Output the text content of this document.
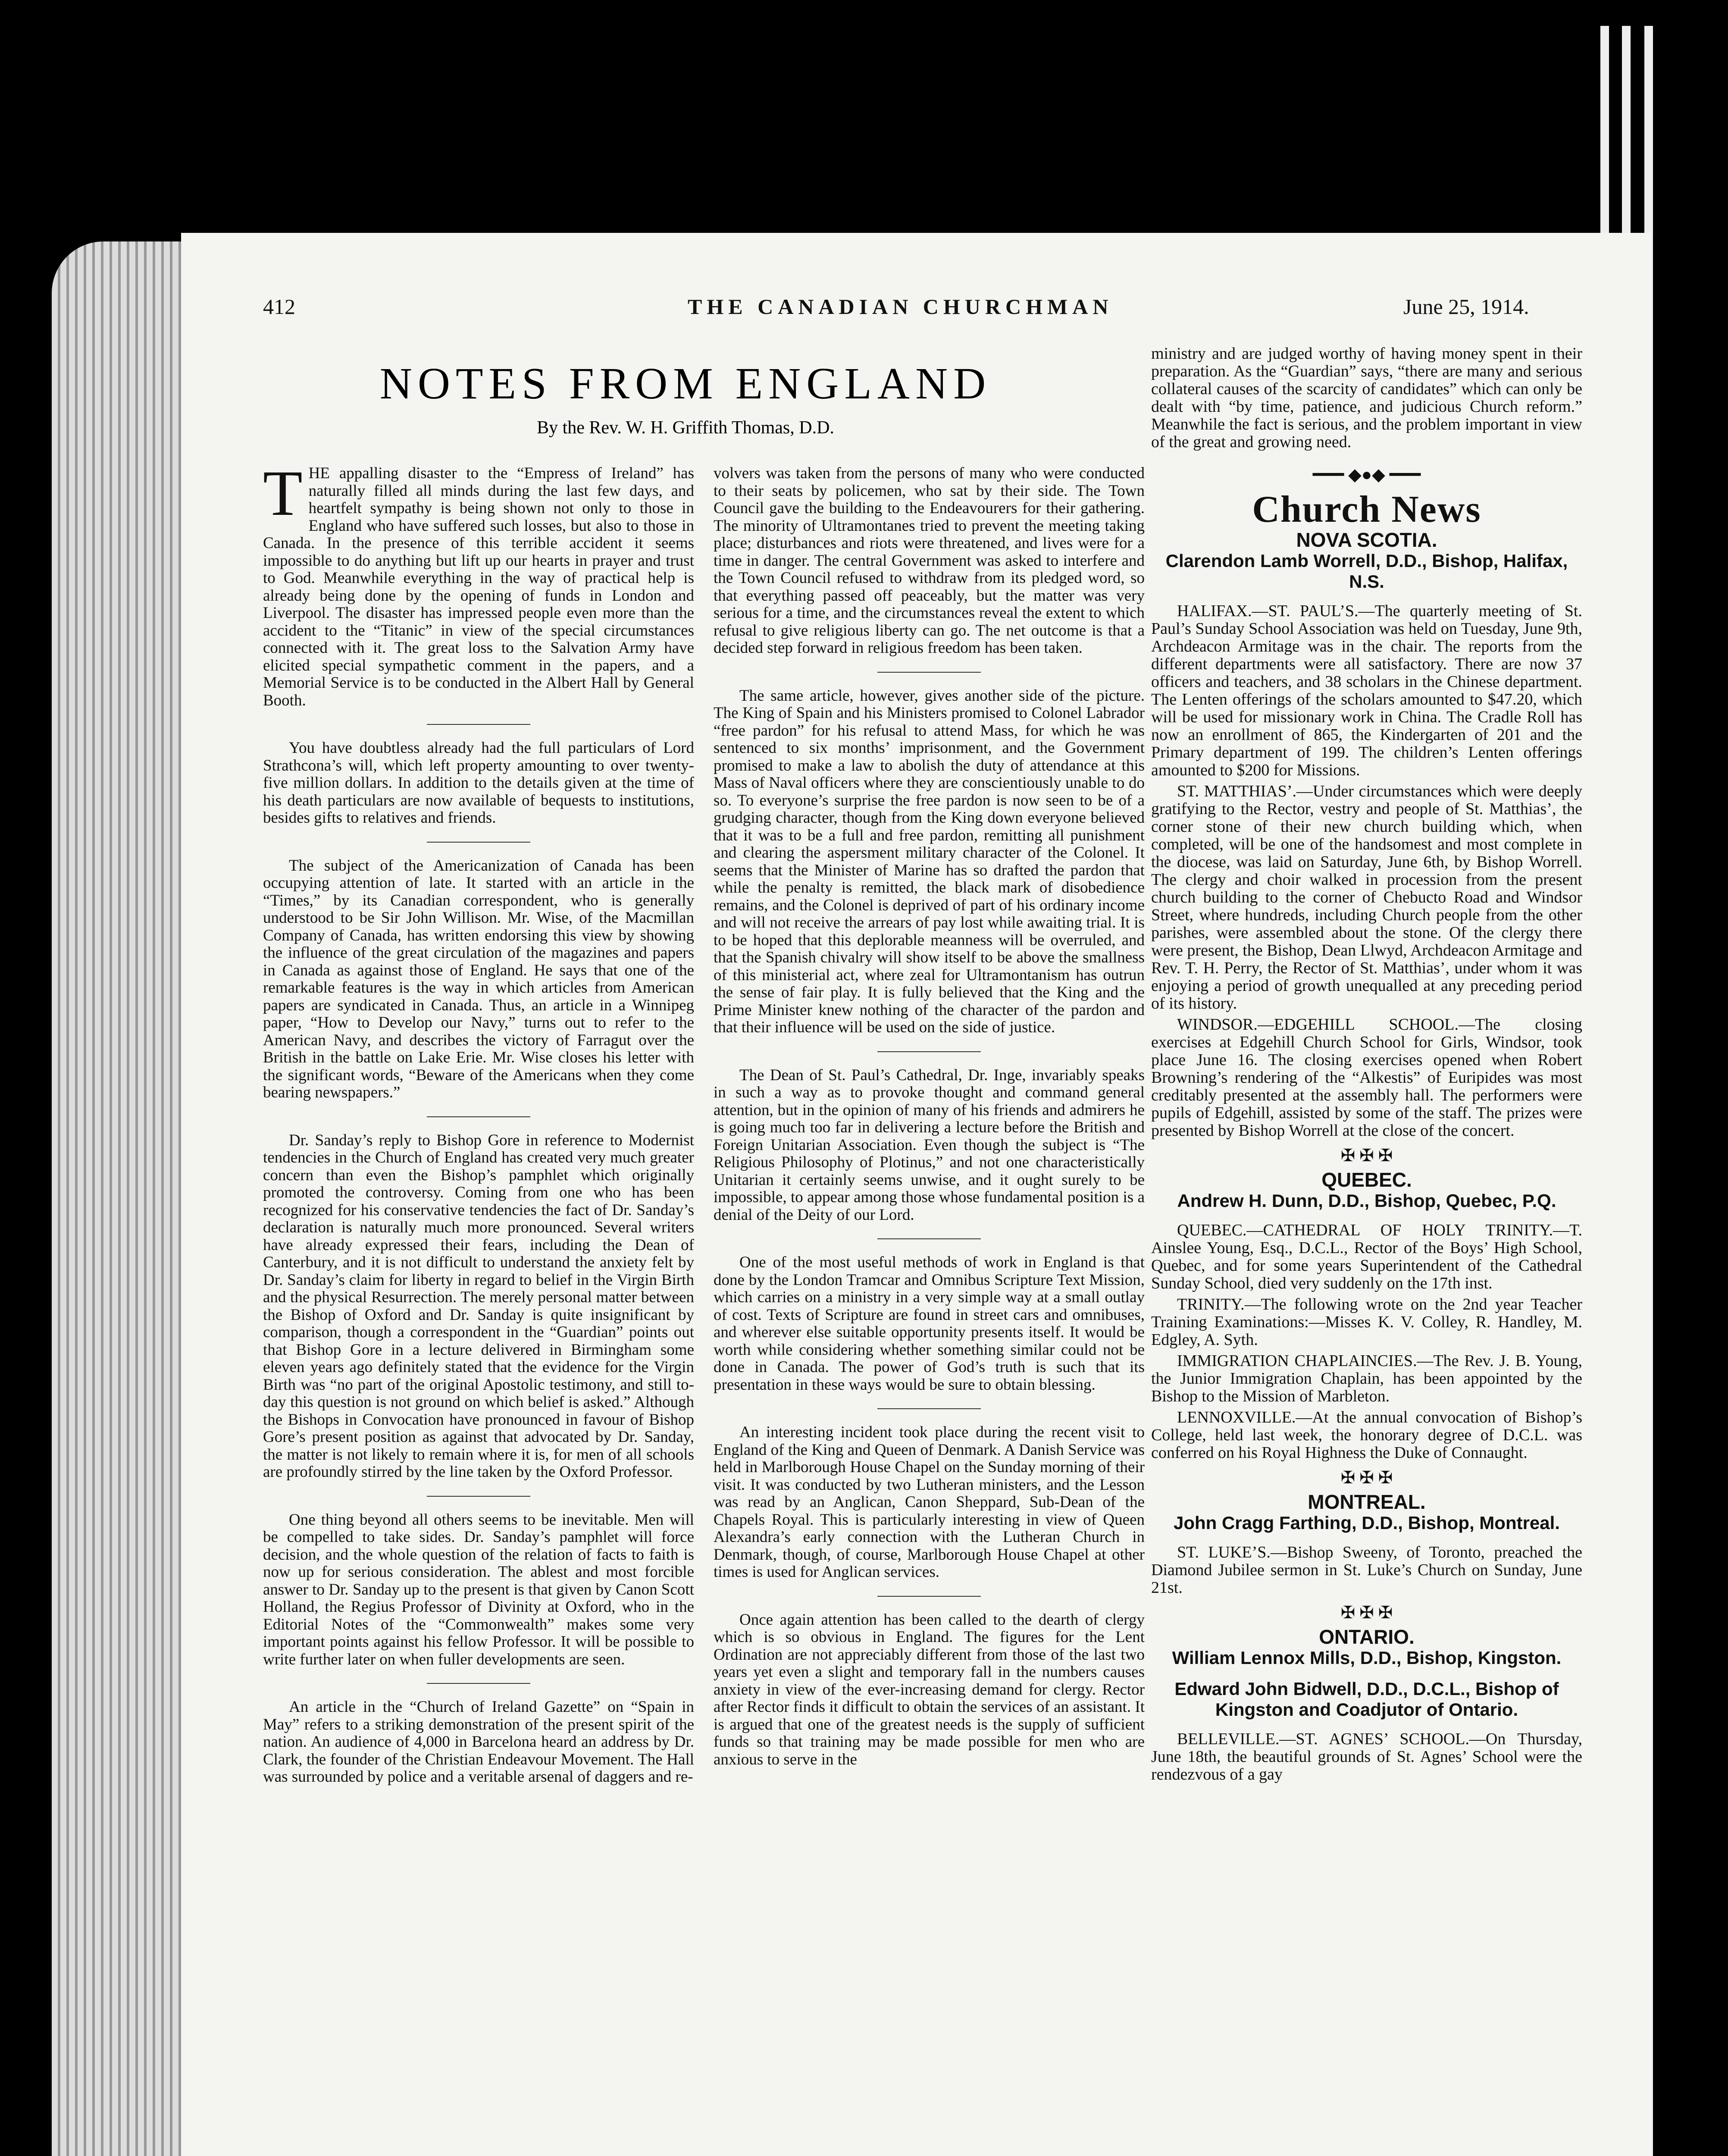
412	THE CANADIAN CHURCHMAN	June 25, 1914.
NOTES FROM ENGLAND
By the Rev. W. H. Griffith Thomas, D.D.

THE appalling disaster to the “Empress of Ireland” has naturally filled all minds during the last few days, and heartfelt sympathy is being shown not only to those in England who have suffered such losses, but also to those in Canada. In the presence of this terrible accident it seems impossible to do anything but lift up our hearts in prayer and trust to God. Meanwhile everything in the way of practical help is already being done by the opening of funds in London and Liverpool. The disaster has impressed people even more than the accident to the “Titanic” in view of the special circumstances connected with it. The great loss to the Salvation Army have elicited special sympathetic comment in the papers, and a Memorial Service is to be conducted in the Albert Hall by General Booth.

You have doubtless already had the full particulars of Lord Strathcona’s will, which left property amounting to over twenty-five million dollars. In addition to the details given at the time of his death particulars are now available of bequests to institutions, besides gifts to relatives and friends.

The subject of the Americanization of Canada has been occupying attention of late. It started with an article in the “Times,” by its Canadian correspondent, who is generally understood to be Sir John Willison. Mr. Wise, of the Macmillan Company of Canada, has written endorsing this view by showing the influence of the great circulation of the magazines and papers in Canada as against those of England. He says that one of the remarkable features is the way in which articles from American papers are syndicated in Canada. Thus, an article in a Winnipeg paper, “How to Develop our Navy,” turns out to refer to the American Navy, and describes the victory of Farragut over the British in the battle on Lake Erie. Mr. Wise closes his letter with the significant words, “Beware of the Americans when they come bearing newspapers.”

Dr. Sanday’s reply to Bishop Gore in reference to Modernist tendencies in the Church of England has created very much greater concern than even the Bishop’s pamphlet which originally promoted the controversy. Coming from one who has been recognized for his conservative tendencies the fact of Dr. Sanday’s declaration is naturally much more pronounced. Several writers have already expressed their fears, including the Dean of Canterbury, and it is not difficult to understand the anxiety felt by Dr. Sanday’s claim for liberty in regard to belief in the Virgin Birth and the physical Resurrection. The merely personal matter between the Bishop of Oxford and Dr. Sanday is quite insignificant by comparison, though a correspondent in the “Guardian” points out that Bishop Gore in a lecture delivered in Birmingham some eleven years ago definitely stated that the evidence for the Virgin Birth was “no part of the original Apostolic testimony, and still to-day this question is not ground on which belief is asked.” Although the Bishops in Convocation have pronounced in favour of Bishop Gore’s present position as against that advocated by Dr. Sanday, the matter is not likely to remain where it is, for men of all schools are profoundly stirred by the line taken by the Oxford Professor.

One thing beyond all others seems to be inevitable. Men will be compelled to take sides. Dr. Sanday’s pamphlet will force decision, and the whole question of the relation of facts to faith is now up for serious consideration. The ablest and most forcible answer to Dr. Sanday up to the present is that given by Canon Scott Holland, the Regius Professor of Divinity at Oxford, who in the Editorial Notes of the “Commonwealth” makes some very important points against his fellow Professor. It will be possible to write further later on when fuller developments are seen.

An article in the “Church of Ireland Gazette” on “Spain in May” refers to a striking demonstration of the present spirit of the nation. An audience of 4,000 in Barcelona heard an address by Dr. Clark, the founder of the Christian Endeavour Movement. The Hall was surrounded by police and a veritable arsenal of daggers and re-

volvers was taken from the persons of many who were conducted to their seats by policemen, who sat by their side. The Town Council gave the building to the Endeavourers for their gathering. The minority of Ultramontanes tried to prevent the meeting taking place; disturbances and riots were threatened, and lives were for a time in danger. The central Government was asked to interfere and the Town Council refused to withdraw from its pledged word, so that everything passed off peaceably, but the matter was very serious for a time, and the circumstances reveal the extent to which refusal to give religious liberty can go. The net outcome is that a decided step forward in religious freedom has been taken.

The same article, however, gives another side of the picture. The King of Spain and his Ministers promised to Colonel Labrador “free pardon” for his refusal to attend Mass, for which he was sentenced to six months’ imprisonment, and the Government promised to make a law to abolish the duty of attendance at this Mass of Naval officers where they are conscientiously unable to do so. To everyone’s surprise the free pardon is now seen to be of a grudging character, though from the King down everyone believed that it was to be a full and free pardon, remitting all punishment and clearing the aspersment military character of the Colonel. It seems that the Minister of Marine has so drafted the pardon that while the penalty is remitted, the black mark of disobedience remains, and the Colonel is deprived of part of his ordinary income and will not receive the arrears of pay lost while awaiting trial. It is to be hoped that this deplorable meanness will be overruled, and that the Spanish chivalry will show itself to be above the smallness of this ministerial act, where zeal for Ultramontanism has outrun the sense of fair play. It is fully believed that the King and the Prime Minister knew nothing of the character of the pardon and that their influence will be used on the side of justice.

The Dean of St. Paul’s Cathedral, Dr. Inge, invariably speaks in such a way as to provoke thought and command general attention, but in the opinion of many of his friends and admirers he is going much too far in delivering a lecture before the British and Foreign Unitarian Association. Even though the subject is “The Religious Philosophy of Plotinus,” and not one characteristically Unitarian it certainly seems unwise, and it ought surely to be impossible, to appear among those whose fundamental position is a denial of the Deity of our Lord.

One of the most useful methods of work in England is that done by the London Tramcar and Omnibus Scripture Text Mission, which carries on a ministry in a very simple way at a small outlay of cost. Texts of Scripture are found in street cars and omnibuses, and wherever else suitable opportunity presents itself. It would be worth while considering whether something similar could not be done in Canada. The power of God’s truth is such that its presentation in these ways would be sure to obtain blessing.

An interesting incident took place during the recent visit to England of the King and Queen of Denmark. A Danish Service was held in Marlborough House Chapel on the Sunday morning of their visit. It was conducted by two Lutheran ministers, and the Lesson was read by an Anglican, Canon Sheppard, Sub-Dean of the Chapels Royal. This is particularly interesting in view of Queen Alexandra’s early connection with the Lutheran Church in Denmark, though, of course, Marlborough House Chapel at other times is used for Anglican services.

Once again attention has been called to the dearth of clergy which is so obvious in England. The figures for the Lent Ordination are not appreciably different from those of the last two years yet even a slight and temporary fall in the numbers causes anxiety in view of the ever-increasing demand for clergy. Rector after Rector finds it difficult to obtain the services of an assistant. It is argued that one of the greatest needs is the supply of sufficient funds so that training may be made possible for men who are anxious to serve in the

ministry and are judged worthy of having money spent in their preparation. As the “Guardian” says, “there are many and serious collateral causes of the scarcity of candidates” which can only be dealt with “by time, patience, and judicious Church reform.” Meanwhile the fact is serious, and the problem important in view of the great and growing need.

━━━ ◆●◆ ━━━
Church News
NOVA SCOTIA.
Clarendon Lamb Worrell, D.D., Bishop, Halifax, N.S.

HALIFAX.—ST. PAUL’S.—The quarterly meeting of St. Paul’s Sunday School Association was held on Tuesday, June 9th, Archdeacon Armitage was in the chair. The reports from the different departments were all satisfactory. There are now 37 officers and teachers, and 38 scholars in the Chinese department. The Lenten offerings of the scholars amounted to $47.20, which will be used for missionary work in China. The Cradle Roll has now an enrollment of 865, the Kindergarten of 201 and the Primary department of 199. The children’s Lenten offerings amounted to $200 for Missions.

ST. MATTHIAS’.—Under circumstances which were deeply gratifying to the Rector, vestry and people of St. Matthias’, the corner stone of their new church building which, when completed, will be one of the handsomest and most complete in the diocese, was laid on Saturday, June 6th, by Bishop Worrell. The clergy and choir walked in procession from the present church building to the corner of Chebucto Road and Windsor Street, where hundreds, including Church people from the other parishes, were assembled about the stone. Of the clergy there were present, the Bishop, Dean Llwyd, Archdeacon Armitage and Rev. T. H. Perry, the Rector of St. Matthias’, under whom it was enjoying a period of growth unequalled at any preceding period of its history.

WINDSOR.—EDGEHILL SCHOOL.—The closing exercises at Edgehill Church School for Girls, Windsor, took place June 16. The closing exercises opened when Robert Browning’s rendering of the “Alkestis” of Euripides was most creditably presented at the assembly hall. The performers were pupils of Edgehill, assisted by some of the staff. The prizes were presented by Bishop Worrell at the close of the concert.

✠ ✠ ✠
QUEBEC.
Andrew H. Dunn, D.D., Bishop, Quebec, P.Q.

QUEBEC.—CATHEDRAL OF HOLY TRINITY.—T. Ainslee Young, Esq., D.C.L., Rector of the Boys’ High School, Quebec, and for some years Superintendent of the Cathedral Sunday School, died very suddenly on the 17th inst.

TRINITY.—The following wrote on the 2nd year Teacher Training Examinations:—Misses K. V. Colley, R. Handley, M. Edgley, A. Syth.

IMMIGRATION CHAPLAINCIES.—The Rev. J. B. Young, the Junior Immigration Chaplain, has been appointed by the Bishop to the Mission of Marbleton.

LENNOXVILLE.—At the annual convocation of Bishop’s College, held last week, the honorary degree of D.C.L. was conferred on his Royal Highness the Duke of Connaught.

✠ ✠ ✠
MONTREAL.
John Cragg Farthing, D.D., Bishop, Montreal.

ST. LUKE’S.—Bishop Sweeny, of Toronto, preached the Diamond Jubilee sermon in St. Luke’s Church on Sunday, June 21st.

✠ ✠ ✠
ONTARIO.
William Lennox Mills, D.D., Bishop, Kingston.
Edward John Bidwell, D.D., D.C.L., Bishop of Kingston and Coadjutor of Ontario.

BELLEVILLE.—ST. AGNES’ SCHOOL.—On Thursday, June 18th, the beautiful grounds of St. Agnes’ School were the rendezvous of a gay
